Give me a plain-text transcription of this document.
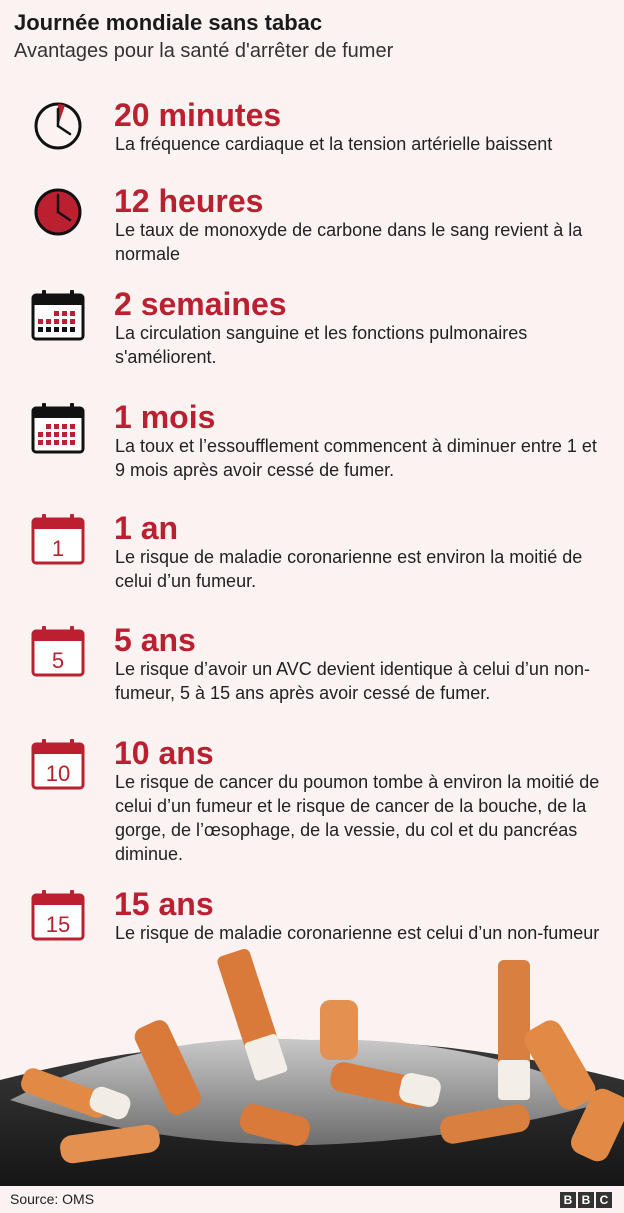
Journée mondiale sans tabac
Avantages pour la santé d'arrêter de fumer
20 minutes
La fréquence cardiaque et la tension artérielle baissent
12 heures
Le taux de monoxyde de carbone dans le sang revient à la normale
2 semaines
La circulation sanguine et les fonctions pulmonaires s'améliorent.
1 mois
La toux et l’essoufflement commencent à diminuer entre 1 et 9 mois après avoir cessé de fumer.
1
1 an
Le risque de maladie coronarienne est environ la moitié de celui d’un fumeur.
5
5 ans
Le risque d’avoir un AVC devient identique à celui d’un non-fumeur, 5 à 15 ans après avoir cessé de fumer.
10
10 ans
Le risque de cancer du poumon tombe à environ la moitié de celui d’un fumeur et le risque de cancer de la bouche, de la gorge, de l’œsophage, de la vessie, du col et du pancréas diminue.
15
15 ans
Le risque de maladie coronarienne est celui d’un non-fumeur
Source: OMS	B B C
